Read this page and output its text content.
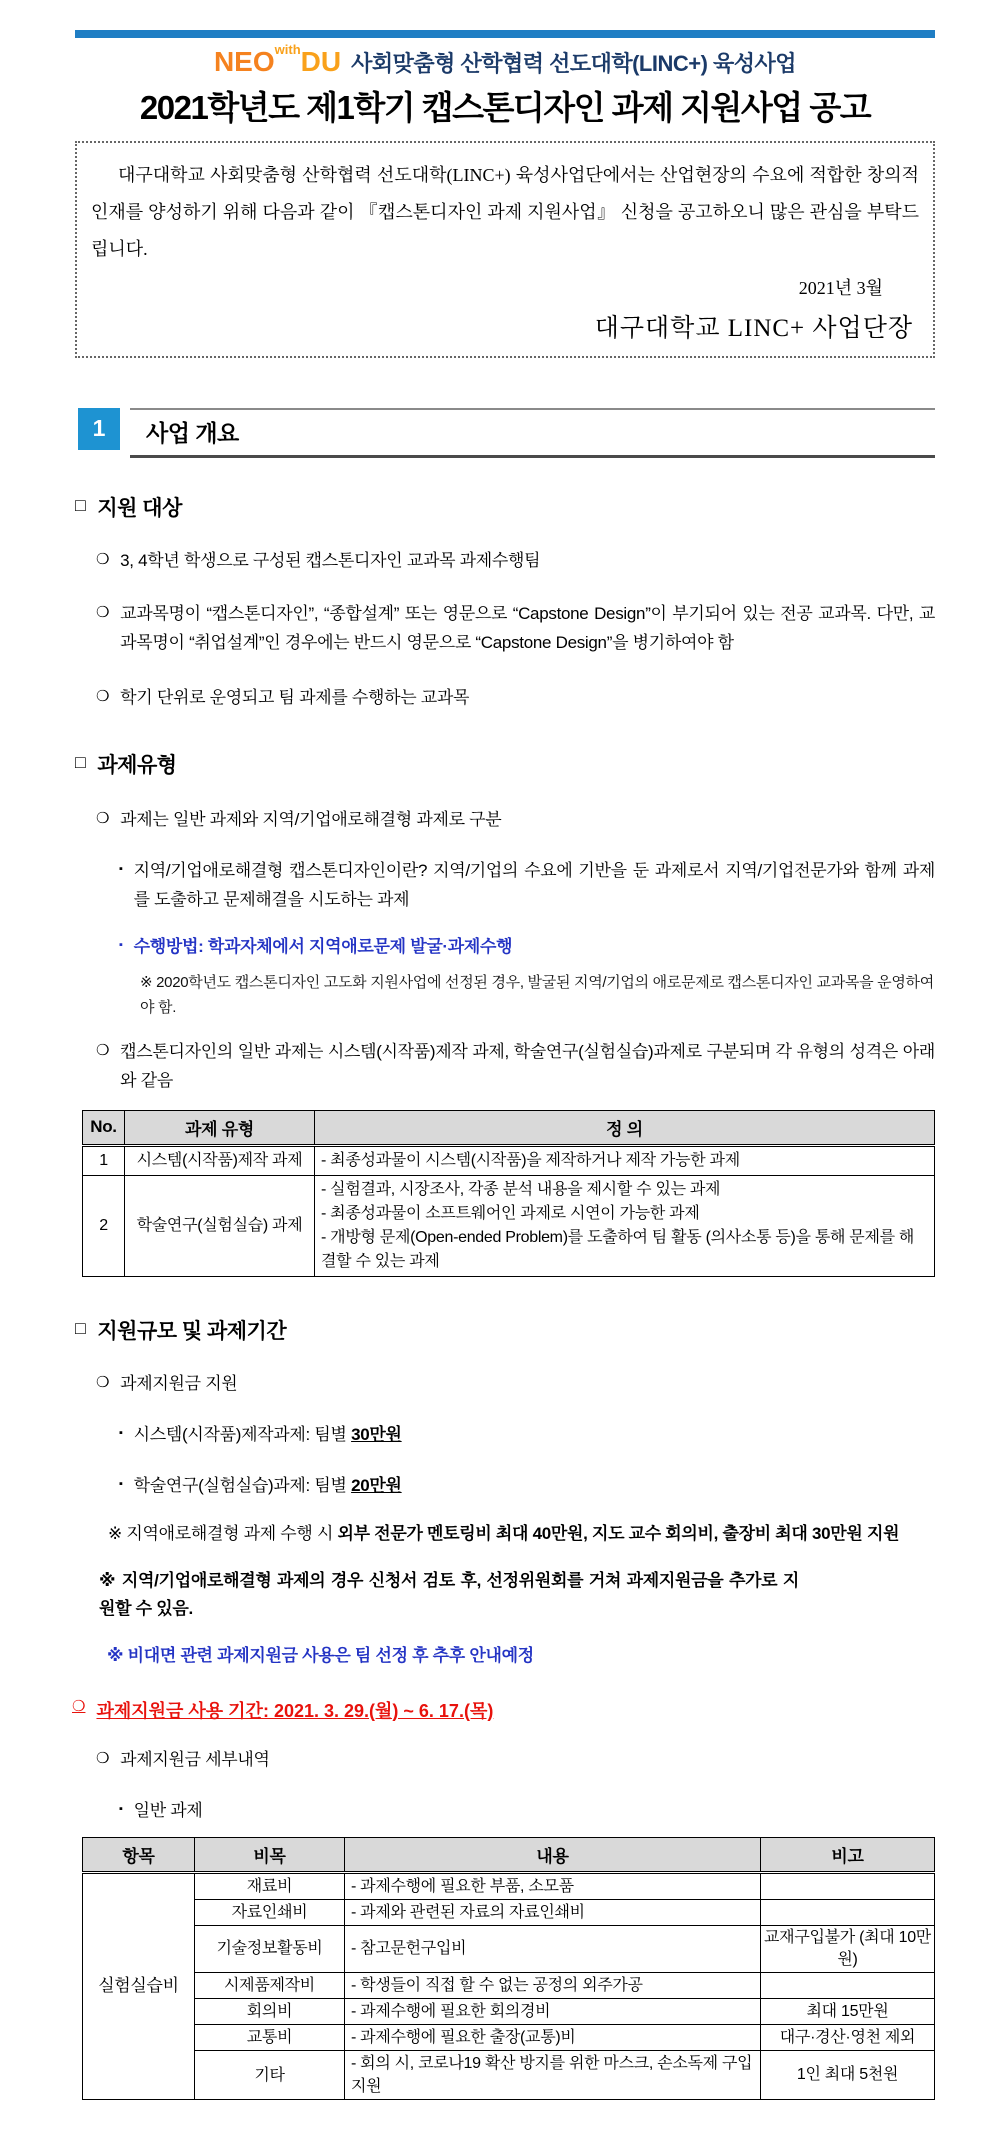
$NEO^{with}DU$ 사회맞춤형 산학협력 선도대학(LINC+) 육성사업
2021학년도 제1학기 캡스톤디자인 과제 지원사업 공고

대구대학교 사회맞춤형 산학협력 선도대학(LINC+) 육성사업단에서는 산업현장의 수요에 적합한 창의적 인재를 양성하기 위해 다음과 같이 『캡스톤디자인 과제 지원사업』 신청을 공고하오니 많은 관심을 부탁드립니다.

2021년 3월
대구대학교 LINC+ 사업단장
1	사업 개요
□ 지원 대상
❍ 3, 4학년 학생으로 구성된 캡스톤디자인 교과목 과제수행팀
❍ 교과목명이 “캡스톤디자인”, “종합설계” 또는 영문으로 “Capstone Design”이 부기되어 있는 전공 교과목. 다만, 교과목명이 “취업설계”인 경우에는 반드시 영문으로 “Capstone Design”을 병기하여야 함
❍ 학기 단위로 운영되고 팀 과제를 수행하는 교과목
□ 과제유형
❍ 과제는 일반 과제와 지역/기업애로해결형 과제로 구분
▪ 지역/기업애로해결형 캡스톤디자인이란? 지역/기업의 수요에 기반을 둔 과제로서 지역/기업전문가와 함께 과제를 도출하고 문제해결을 시도하는 과제
▪ 수행방법: 학과자체에서 지역애로문제 발굴·과제수행
※ 2020학년도 캡스톤디자인 고도화 지원사업에 선정된 경우, 발굴된 지역/기업의 애로문제로 캡스톤디자인 교과목을 운영하여야 함.
❍ 캡스톤디자인의 일반 과제는 시스템(시작품)제작 과제, 학술연구(실험실습)과제로 구분되며 각 유형의 성격은 아래와 같음
No.	과제 유형	정 의
1	시스템(시작품)제작 과제	- 최종성과물이 시스템(시작품)을 제작하거나 제작 가능한 과제

2	학술연구(실험실습) 과제	- 실험결과, 시장조사, 각종 분석 내용을 제시할 수 있는 과제
- 최종성과물이 소프트웨어인 과제로 시연이 가능한 과제
- 개방형 문제(Open-ended Problem)를 도출하여 팀 활동 (의사소통 등)을 통해 문제를 해결할 수 있는 과제
□ 지원규모 및 과제기간
❍ 과제지원금 지원
▪ 시스템(시작품)제작과제: 팀별 30만원
▪ 학술연구(실험실습)과제: 팀별 20만원
※ 지역애로해결형 과제 수행 시 외부 전문가 멘토링비 최대 40만원, 지도 교수 회의비, 출장비 최대 30만원 지원
※ 지역/기업애로해결형 과제의 경우 신청서 검토 후, 선정위원회를 거쳐 과제지원금을 추가로 지원할 수 있음.
※ 비대면 관련 과제지원금 사용은 팀 선정 후 추후 안내예정
❍ 과제지원금 사용 기간: 2021. 3. 29.(월) ~ 6. 17.(목)
❍ 과제지원금 세부내역
▪ 일반 과제
항목	비목	내용	비고
실험실습비	재료비	- 과제수행에 필요한 부품, 소모품	
	자료인쇄비	- 과제와 관련된 자료의 자료인쇄비	
	기술정보활동비	- 참고문헌구입비	교재구입불가 (최대 10만원)
	시제품제작비	- 학생들이 직접 할 수 없는 공정의 외주가공	
	회의비	- 과제수행에 필요한 회의경비	최대 15만원
	교통비	- 과제수행에 필요한 출장(교통)비	대구·경산·영천 제외
	기타	- 회의 시, 코로나19 확산 방지를 위한 마스크, 손소독제 구입 지원	1인 최대 5천원
